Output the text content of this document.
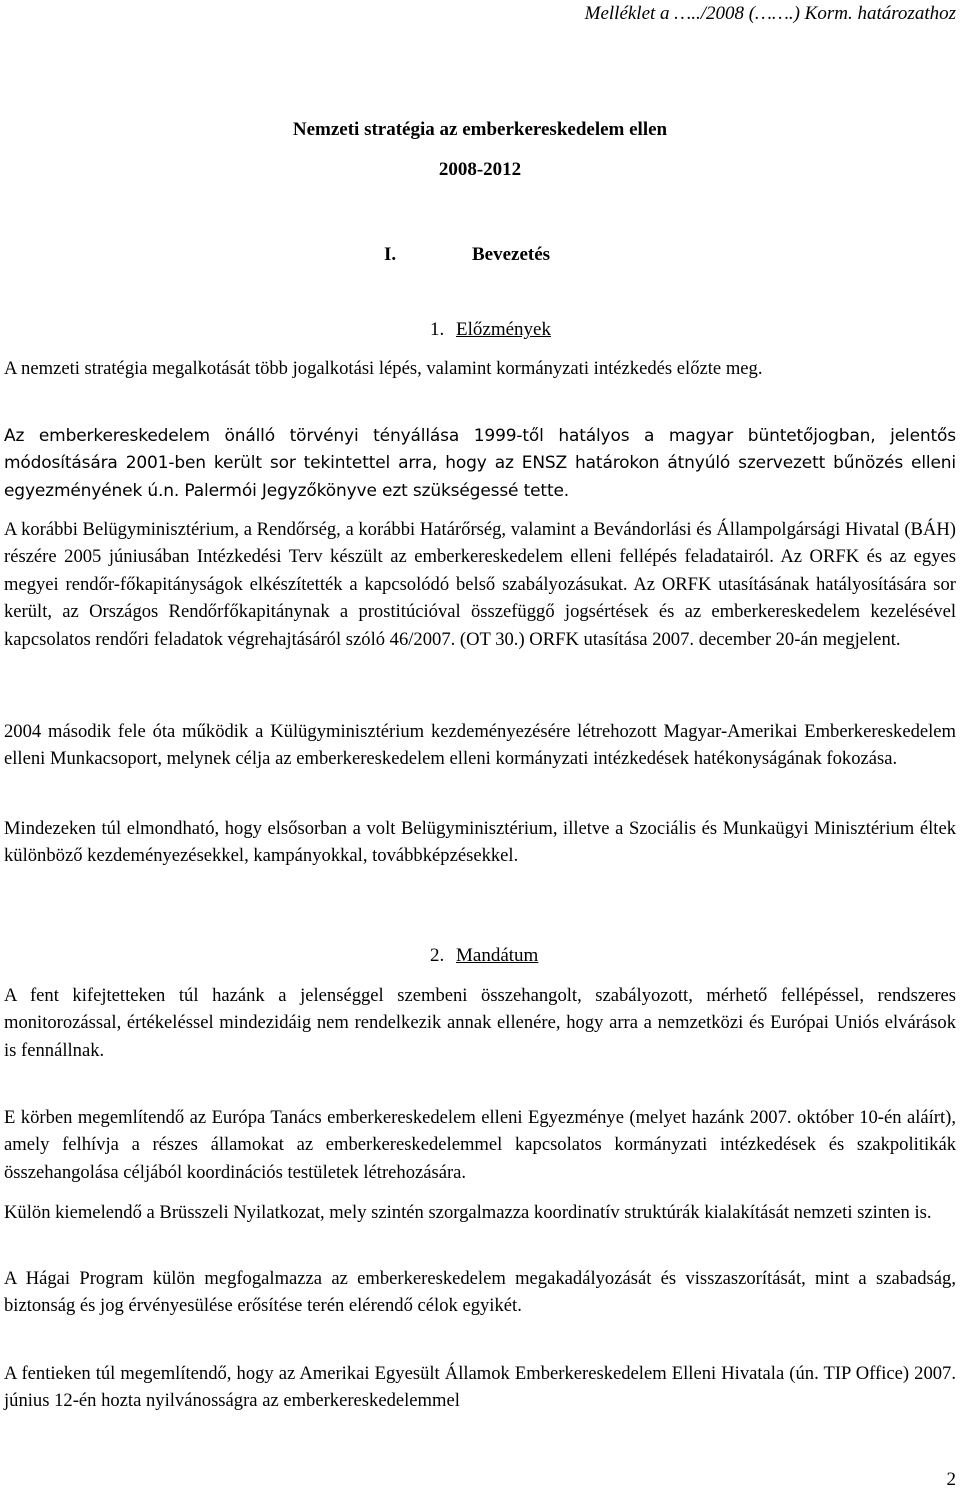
Melléklet a …../2008 (…….) Korm. határozathoz
Nemzeti stratégia az emberkereskedelem ellen
2008-2012
I.	Bevezetés
1. Előzmények

A nemzeti stratégia megalkotását több jogalkotási lépés, valamint kormányzati intézkedés előzte meg.

Az emberkereskedelem önálló törvényi tényállása 1999-től hatályos a magyar büntetőjogban, jelentős módosítására 2001-ben került sor tekintettel arra, hogy az ENSZ határokon átnyúló szervezett bűnözés elleni egyezményének ú.n. Palermói Jegyzőkönyve ezt szükségessé tette.

A korábbi Belügyminisztérium, a Rendőrség, a korábbi Határőrség, valamint a Bevándorlási és Állampolgársági Hivatal (BÁH) részére 2005 júniusában Intézkedési Terv készült az emberkereskedelem elleni fellépés feladatairól. Az ORFK és az egyes megyei rendőr-főkapitányságok elkészítették a kapcsolódó belső szabályozásukat. Az ORFK utasításának hatályosítására sor került, az Országos Rendőrfőkapitánynak a prostitúcióval összefüggő jogsértések és az emberkereskedelem kezelésével kapcsolatos rendőri feladatok végrehajtásáról szóló 46/2007. (OT 30.) ORFK utasítása 2007. december 20-án megjelent.

2004 második fele óta működik a Külügyminisztérium kezdeményezésére létrehozott Magyar-Amerikai Emberkereskedelem elleni Munkacsoport, melynek célja az emberkereskedelem elleni kormányzati intézkedések hatékonyságának fokozása.

Mindezeken túl elmondható, hogy elsősorban a volt Belügyminisztérium, illetve a Szociális és Munkaügyi Minisztérium éltek különböző kezdeményezésekkel, kampányokkal, továbbképzésekkel.

2. Mandátum

A fent kifejtetteken túl hazánk a jelenséggel szembeni összehangolt, szabályozott, mérhető fellépéssel, rendszeres monitorozással, értékeléssel mindezidáig nem rendelkezik annak ellenére, hogy arra a nemzetközi és Európai Uniós elvárások is fennállnak.

E körben megemlítendő az Európa Tanács emberkereskedelem elleni Egyezménye (melyet hazánk 2007. október 10-én aláírt), amely felhívja a részes államokat az emberkereskedelemmel kapcsolatos kormányzati intézkedések és szakpolitikák összehangolása céljából koordinációs testületek létrehozására.

Külön kiemelendő a Brüsszeli Nyilatkozat, mely szintén szorgalmazza koordinatív struktúrák kialakítását nemzeti szinten is.

A Hágai Program külön megfogalmazza az emberkereskedelem megakadályozását és visszaszorítását, mint a szabadság, biztonság és jog érvényesülése erősítése terén elérendő célok egyikét.

A fentieken túl megemlítendő, hogy az Amerikai Egyesült Államok Emberkereskedelem Elleni Hivatala (ún. TIP Office) 2007. június 12-én hozta nyilvánosságra az emberkereskedelemmel

2
